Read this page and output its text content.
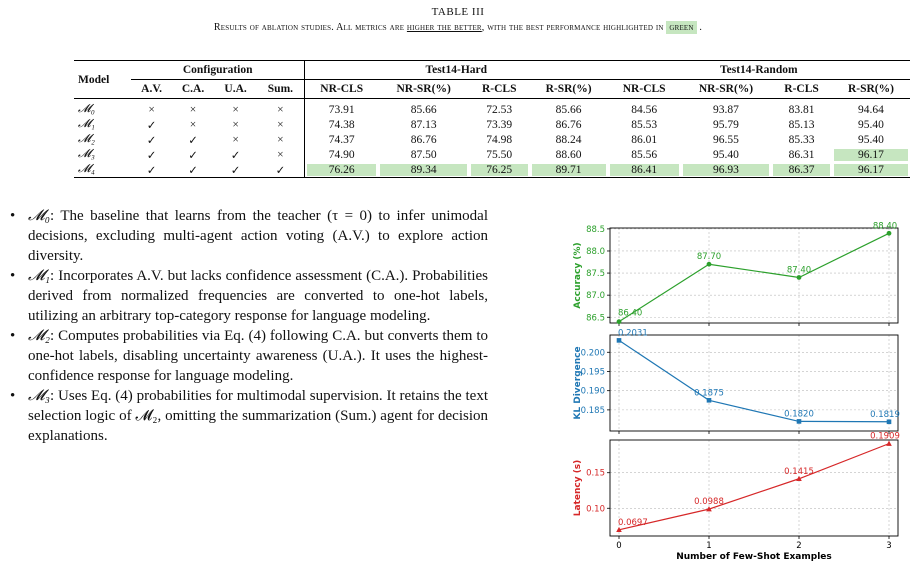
TABLE III
Results of ablation studies. All metrics are higher the better, with the best performance highlighted in green .
Model	Configuration				Test14-Hard				Test14-Random			
	A.V.	C.A.	U.A.	Sum.	NR-CLS	NR-SR(%)	R-CLS	R-SR(%)	NR-CLS	NR-SR(%)	R-CLS	R-SR(%)
𝓜₀	×	×	×	×	73.91	85.66	72.53	85.66	84.56	93.87	83.81	94.64
𝓜₁	✓	×	×	×	74.38	87.13	73.39	86.76	85.53	95.79	85.13	95.40
𝓜₂	✓	✓	×	×	74.37	86.76	74.98	88.24	86.01	96.55	85.33	95.40
𝓜₃	✓	✓	✓	×	74.90	87.50	75.50	88.60	85.56	95.40	86.31	96.17
𝓜₄	✓	✓	✓	✓	76.26	89.34	76.25	89.71	86.41	96.93	86.37	96.17
• 𝓜₀: The baseline that learns from the teacher (τ = 0) to infer unimodal decisions, excluding multi-agent action voting (A.V.) to explore action diversity.
• 𝓜₁: Incorporates A.V. but lacks confidence assessment (C.A.). Probabilities derived from normalized frequencies are converted to one-hot labels, utilizing an arbitrary top-category response for language modeling.
• 𝓜₂: Computes probabilities via Eq. (4) following C.A. but converts them to one-hot labels, disabling uncertainty awareness (U.A.). It uses the highest-confidence response for language modeling.
• 𝓜₃: Uses Eq. (4) probabilities for multimodal supervision. It retains the text selection logic of 𝓜₂, omitting the summarization (Sum.) agent for decision explanations.
86.5
87.0
87.5
88.0
88.5
Accuracy (%)
86.40
87.70
87.40
88.40
0.185
0.190
0.195
0.200
KL Divergence
0.2031
0.1875
0.1820	0.1819
0.10
0.15
Latency (s)
0.0697
0.0988
0.1415
0.1909
0	1	2	3
Number of Few-Shot Examples
